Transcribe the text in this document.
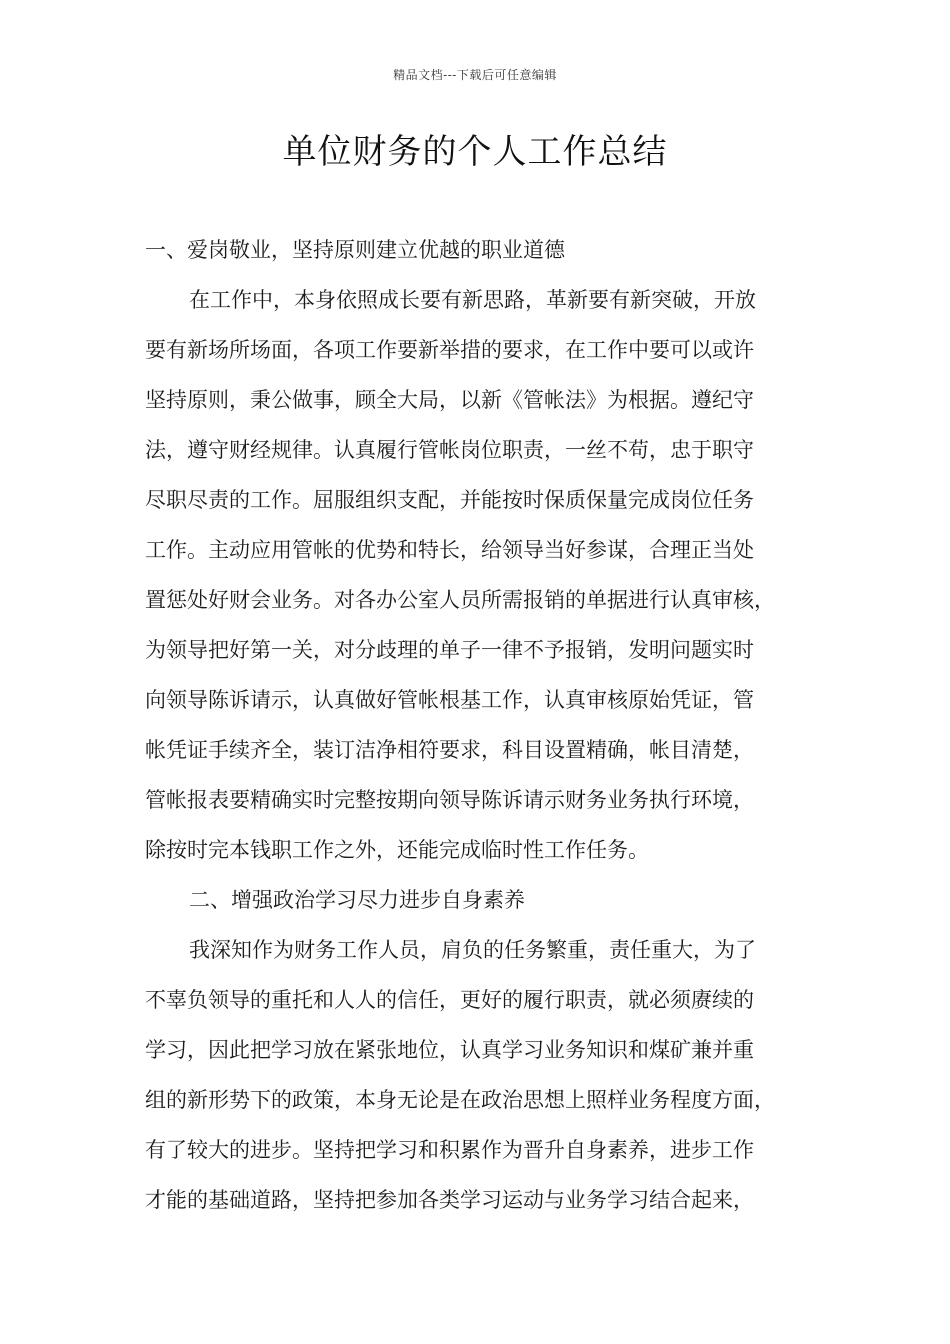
精品文档---下载后可任意编辑
单位财务的个人工作总结
一、爱岗敬业，坚持原则建立优越的职业道德
在工作中，本身依照成长要有新思路，革新要有新突破，开放
要有新场所场面，各项工作要新举措的要求，在工作中要可以或许
坚持原则，秉公做事，顾全大局，以新《管帐法》为根据。遵纪守
法，遵守财经规律。认真履行管帐岗位职责，一丝不苟，忠于职守
尽职尽责的工作。屈服组织支配，并能按时保质保量完成岗位任务
工作。主动应用管帐的优势和特长，给领导当好参谋，合理正当处
置惩处好财会业务。对各办公室人员所需报销的单据进行认真审核，
为领导把好第一关，对分歧理的单子一律不予报销，发明问题实时
向领导陈诉请示，认真做好管帐根基工作，认真审核原始凭证，管
帐凭证手续齐全，装订洁净相符要求，科目设置精确，帐目清楚，
管帐报表要精确实时完整按期向领导陈诉请示财务业务执行环境，
除按时完本钱职工作之外，还能完成临时性工作任务。
二、增强政治学习尽力进步自身素养
我深知作为财务工作人员，肩负的任务繁重，责任重大，为了
不辜负领导的重托和人人的信任，更好的履行职责，就必须赓续的
学习，因此把学习放在紧张地位，认真学习业务知识和煤矿兼并重
组的新形势下的政策，本身无论是在政治思想上照样业务程度方面，
有了较大的进步。坚持把学习和积累作为晋升自身素养，进步工作
才能的基础道路，坚持把参加各类学习运动与业务学习结合起来，
